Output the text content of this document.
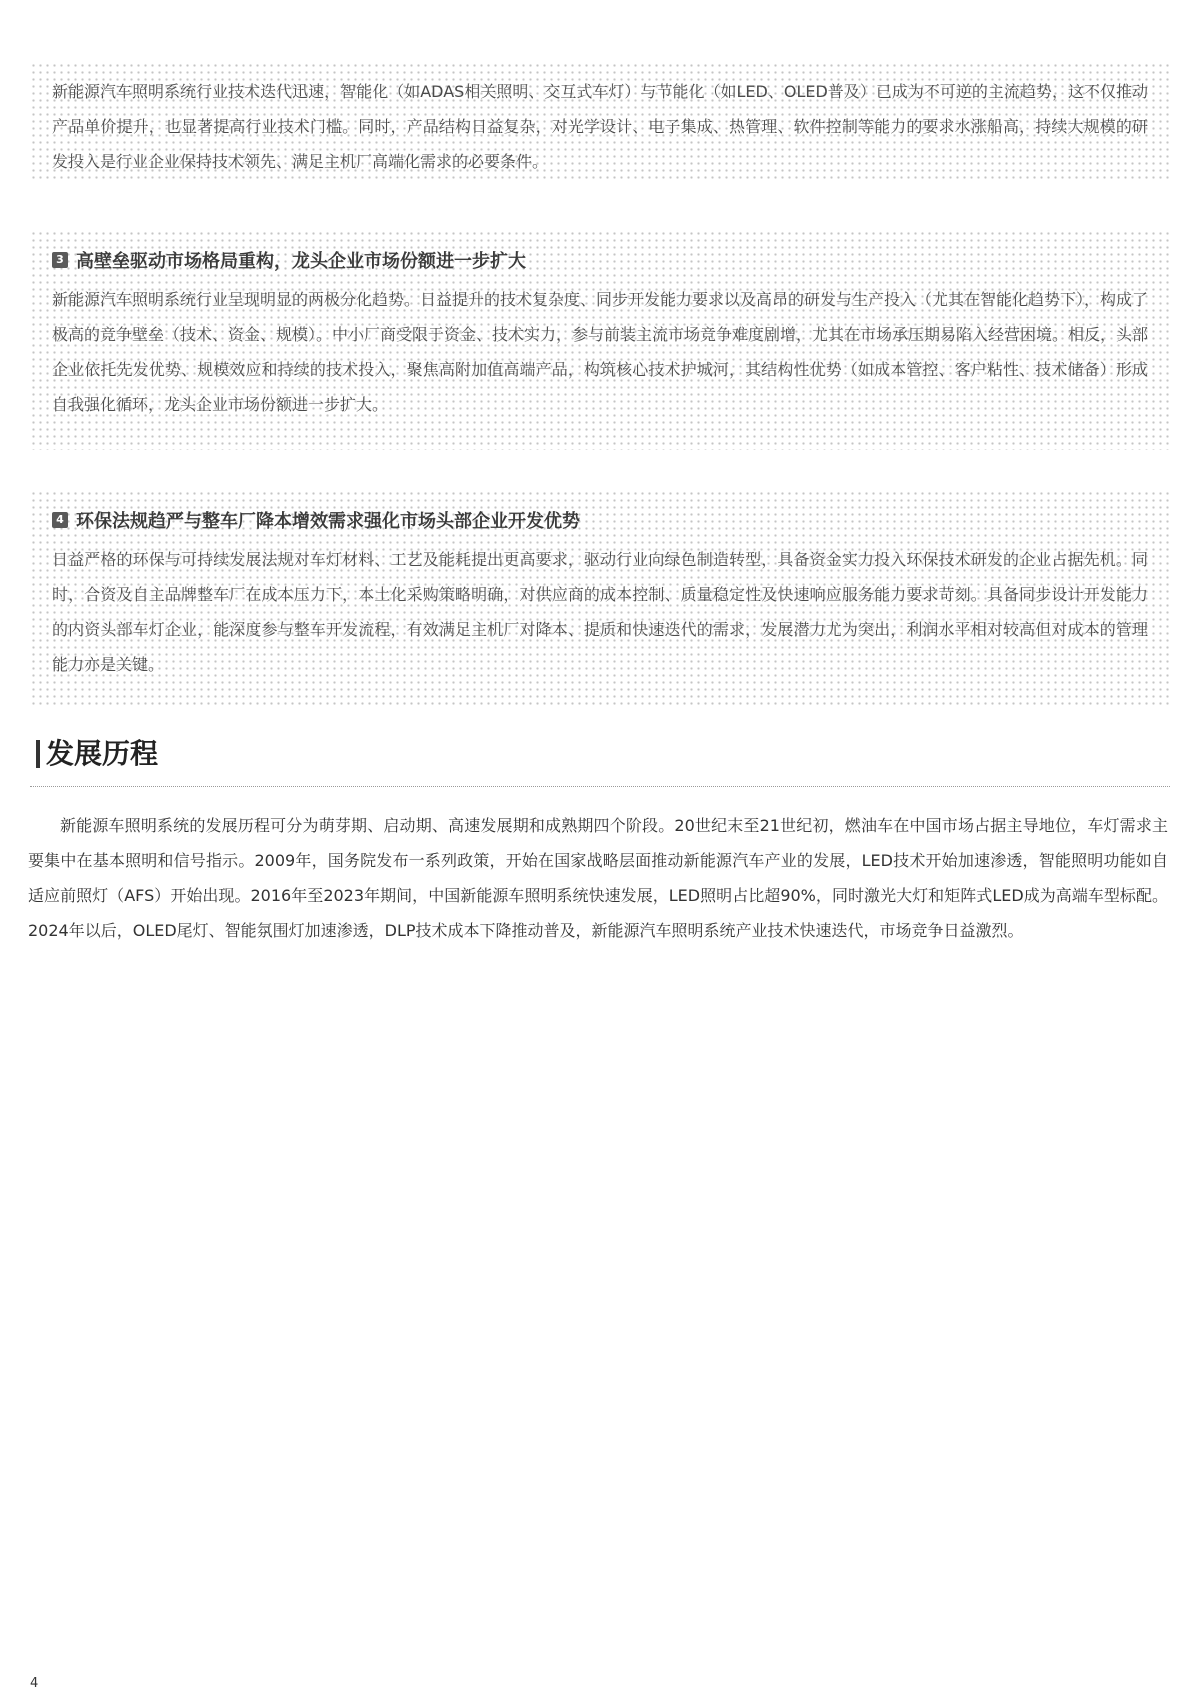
新能源汽车照明系统行业技术迭代迅速，智能化（如ADAS相关照明、交互式车灯）与节能化（如LED、OLED普及）已成为不可逆的主流趋势，这不仅推动产品单价提升，也显著提高行业技术门槛。同时，产品结构日益复杂，对光学设计、电子集成、热管理、软件控制等能力的要求水涨船高，持续大规模的研发投入是行业企业保持技术领先、满足主机厂高端化需求的必要条件。

3 高壁垒驱动市场格局重构，龙头企业市场份额进一步扩大

新能源汽车照明系统行业呈现明显的两极分化趋势。日益提升的技术复杂度、同步开发能力要求以及高昂的研发与生产投入（尤其在智能化趋势下），构成了极高的竞争壁垒（技术、资金、规模）。中小厂商受限于资金、技术实力，参与前装主流市场竞争难度剧增，尤其在市场承压期易陷入经营困境。相反，头部企业依托先发优势、规模效应和持续的技术投入，聚焦高附加值高端产品，构筑核心技术护城河，其结构性优势（如成本管控、客户粘性、技术储备）形成自我强化循环，龙头企业市场份额进一步扩大。

4 环保法规趋严与整车厂降本增效需求强化市场头部企业开发优势

日益严格的环保与可持续发展法规对车灯材料、工艺及能耗提出更高要求，驱动行业向绿色制造转型，具备资金实力投入环保技术研发的企业占据先机。同时，合资及自主品牌整车厂在成本压力下，本土化采购策略明确，对供应商的成本控制、质量稳定性及快速响应服务能力要求苛刻。具备同步设计开发能力的内资头部车灯企业，能深度参与整车开发流程，有效满足主机厂对降本、提质和快速迭代的需求，发展潜力尤为突出，利润水平相对较高但对成本的管理能力亦是关键。

发展历程

新能源车照明系统的发展历程可分为萌芽期、启动期、高速发展期和成熟期四个阶段。20世纪末至21世纪初，燃油车在中国市场占据主导地位，车灯需求主要集中在基本照明和信号指示。2009年，国务院发布一系列政策，开始在国家战略层面推动新能源汽车产业的发展，LED技术开始加速渗透，智能照明功能如自适应前照灯（AFS）开始出现。2016年至2023年期间，中国新能源车照明系统快速发展，LED照明占比超90%，同时激光大灯和矩阵式LED成为高端车型标配。2024年以后，OLED尾灯、智能氛围灯加速渗透，DLP技术成本下降推动普及，新能源汽车照明系统产业技术快速迭代，市场竞争日益激烈。

4
